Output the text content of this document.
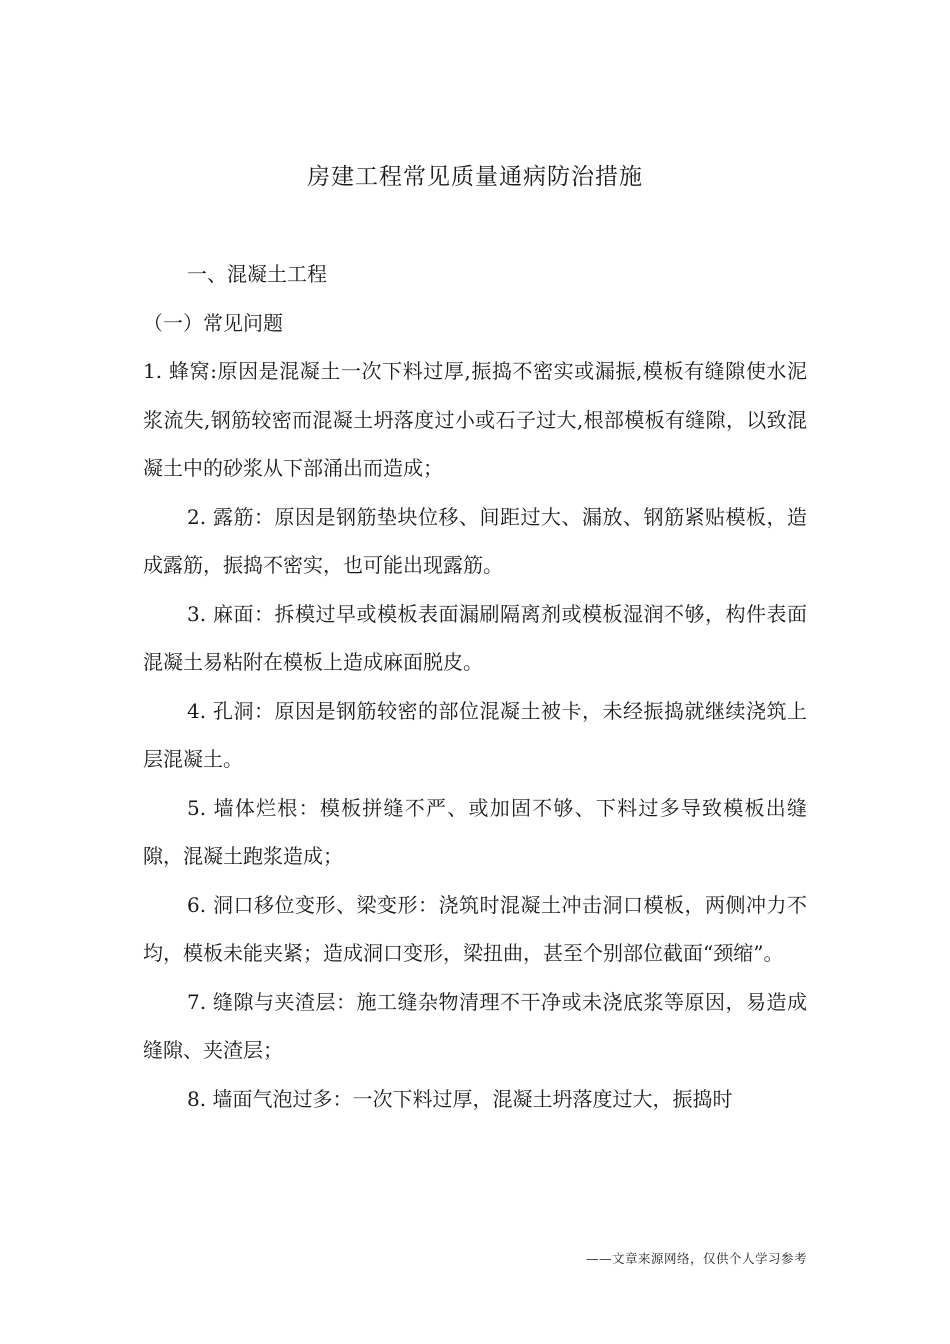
房建工程常见质量通病防治措施

一、混凝土工程

（一）常见问题

1. 蜂窝:原因是混凝土一次下料过厚,振捣不密实或漏振,模板有缝隙使水泥浆流失,钢筋较密而混凝土坍落度过小或石子过大,根部模板有缝隙，以致混凝土中的砂浆从下部涌出而造成；

2. 露筋：原因是钢筋垫块位移、间距过大、漏放、钢筋紧贴模板，造成露筋，振捣不密实，也可能出现露筋。

3. 麻面：拆模过早或模板表面漏刷隔离剂或模板湿润不够，构件表面混凝土易粘附在模板上造成麻面脱皮。

4. 孔洞：原因是钢筋较密的部位混凝土被卡，未经振捣就继续浇筑上层混凝土。

5. 墙体烂根：模板拼缝不严、或加固不够、下料过多导致模板出缝隙，混凝土跑浆造成；

6. 洞口移位变形、梁变形：浇筑时混凝土冲击洞口模板，两侧冲力不均，模板未能夹紧；造成洞口变形，梁扭曲，甚至个别部位截面“颈缩”。

7. 缝隙与夹渣层：施工缝杂物清理不干净或未浇底浆等原因，易造成缝隙、夹渣层；

8. 墙面气泡过多：一次下料过厚，混凝土坍落度过大，振捣时

——文章来源网络，仅供个人学习参考
